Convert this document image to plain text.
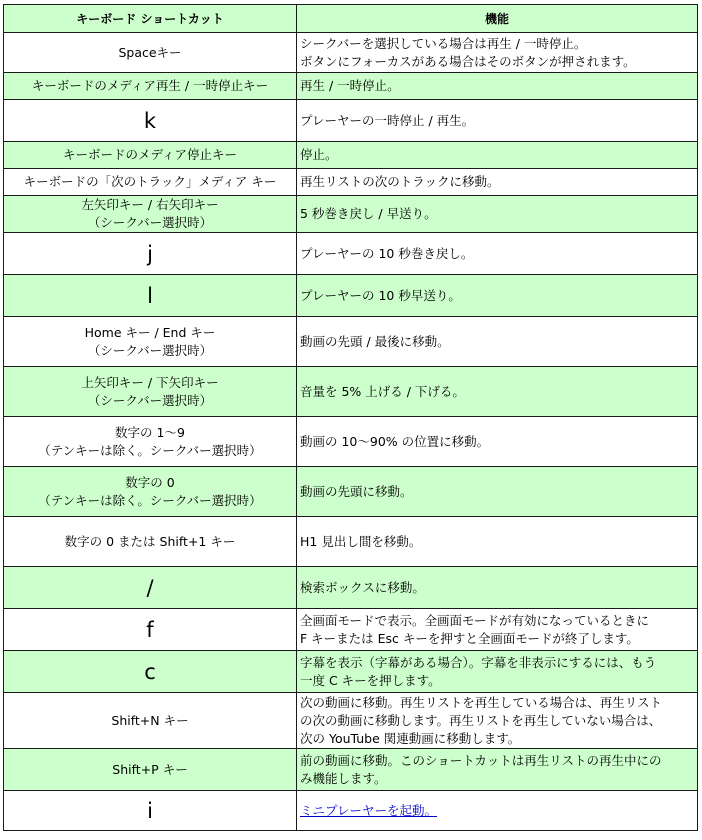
キーボード ショートカット	機能

Spaceキー	シークバーを選択している場合は再生 / 一時停止。
ボタンにフォーカスがある場合はそのボタンが押されます。

キーボードのメディア再生 / 一時停止キー	再生 / 一時停止。

k	プレーヤーの一時停止 / 再生。

キーボードのメディア停止キー	停止。

キーボードの「次のトラック」メディア キー	再生リストの次のトラックに移動。

左矢印キー / 右矢印キー
（シークバー選択時）	5 秒巻き戻し / 早送り。

j	プレーヤーの 10 秒巻き戻し。

l	プレーヤーの 10 秒早送り。

Home キー / End キー
（シークバー選択時）	動画の先頭 / 最後に移動。

上矢印キー / 下矢印キー
（シークバー選択時）	音量を 5% 上げる / 下げる。

数字の 1～9
（テンキーは除く。シークバー選択時）	動画の 10～90% の位置に移動。

数字の 0
（テンキーは除く。シークバー選択時）	動画の先頭に移動。

数字の 0 または Shift+1 キー	H1 見出し間を移動。

/	検索ボックスに移動。

f	全画面モードで表示。全画面モードが有効になっているときに
F キーまたは Esc キーを押すと全画面モードが終了します。

c	字幕を表示（字幕がある場合）。字幕を非表示にするには、もう
一度 C キーを押します。

Shift+N キー	次の動画に移動。再生リストを再生している場合は、再生リスト
の次の動画に移動します。再生リストを再生していない場合は、
次の YouTube 関連動画に移動します。

Shift+P キー	前の動画に移動。このショートカットは再生リストの再生中にの
み機能します。

i	ミニプレーヤーを起動。
